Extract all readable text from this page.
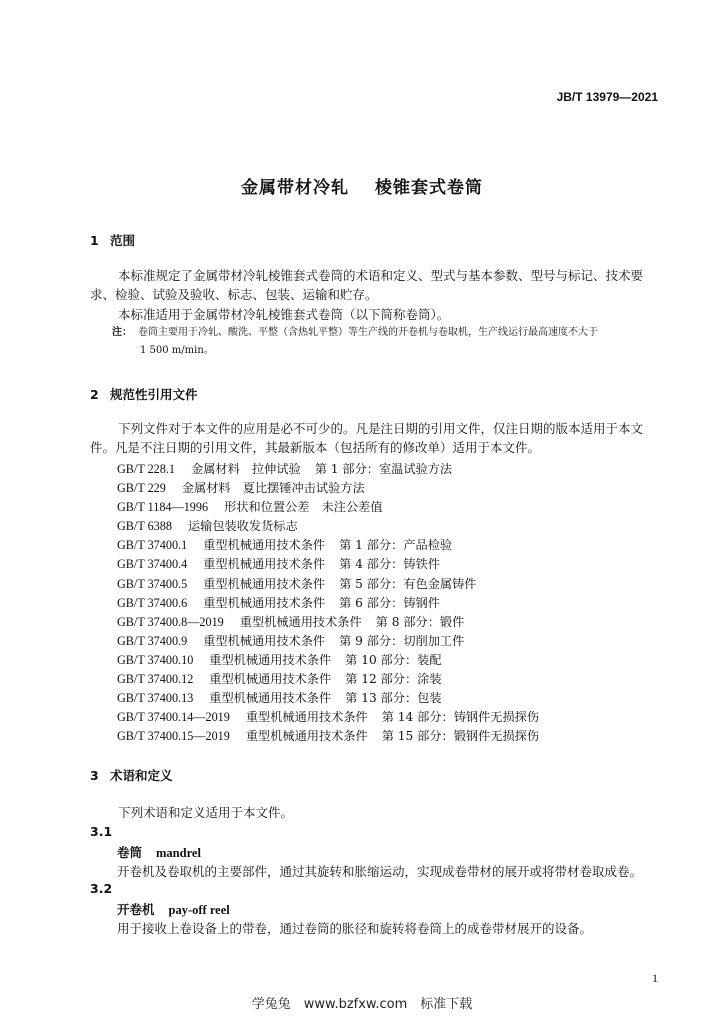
JB/T 13979—2021
金属带材冷轧 棱锥套式卷筒
1 范围
本标准规定了金属带材冷轧棱锥套式卷筒的术语和定义、型式与基本参数、型号与标记、技术要
求、检验、试验及验收、标志、包装、运输和贮存。
本标准适用于金属带材冷轧棱锥套式卷筒（以下简称卷筒）。
注： 卷筒主要用于冷轧、酸洗、平整（含热轧平整）等生产线的开卷机与卷取机，生产线运行最高速度不大于
1 500 m/min。
2 规范性引用文件
下列文件对于本文件的应用是必不可少的。凡是注日期的引用文件，仅注日期的版本适用于本文
件。凡是不注日期的引用文件，其最新版本（包括所有的修改单）适用于本文件。
GB/T 228.1 金属材料　拉伸试验 第 1 部分：室温试验方法
GB/T 229 金属材料　夏比摆锤冲击试验方法
GB/T 1184—1996 形状和位置公差　未注公差值
GB/T 6388 运输包装收发货标志
GB/T 37400.1 重型机械通用技术条件 第 1 部分：产品检验
GB/T 37400.4 重型机械通用技术条件 第 4 部分：铸铁件
GB/T 37400.5 重型机械通用技术条件 第 5 部分：有色金属铸件
GB/T 37400.6 重型机械通用技术条件 第 6 部分：铸钢件
GB/T 37400.8—2019 重型机械通用技术条件 第 8 部分：锻件
GB/T 37400.9 重型机械通用技术条件 第 9 部分：切削加工件
GB/T 37400.10 重型机械通用技术条件 第 10 部分：装配
GB/T 37400.12 重型机械通用技术条件 第 12 部分：涂装
GB/T 37400.13 重型机械通用技术条件 第 13 部分：包装
GB/T 37400.14—2019 重型机械通用技术条件 第 14 部分：铸钢件无损探伤
GB/T 37400.15—2019 重型机械通用技术条件 第 15 部分：锻钢件无损探伤
3 术语和定义
下列术语和定义适用于本文件。
3.1
卷筒 mandrel
开卷机及卷取机的主要部件，通过其旋转和胀缩运动，实现成卷带材的展开或将带材卷取成卷。
3.2
开卷机 pay-off reel
用于接收上卷设备上的带卷，通过卷筒的胀径和旋转将卷筒上的成卷带材展开的设备。
1
学兔兔　www.bzfxw.com　标准下载
